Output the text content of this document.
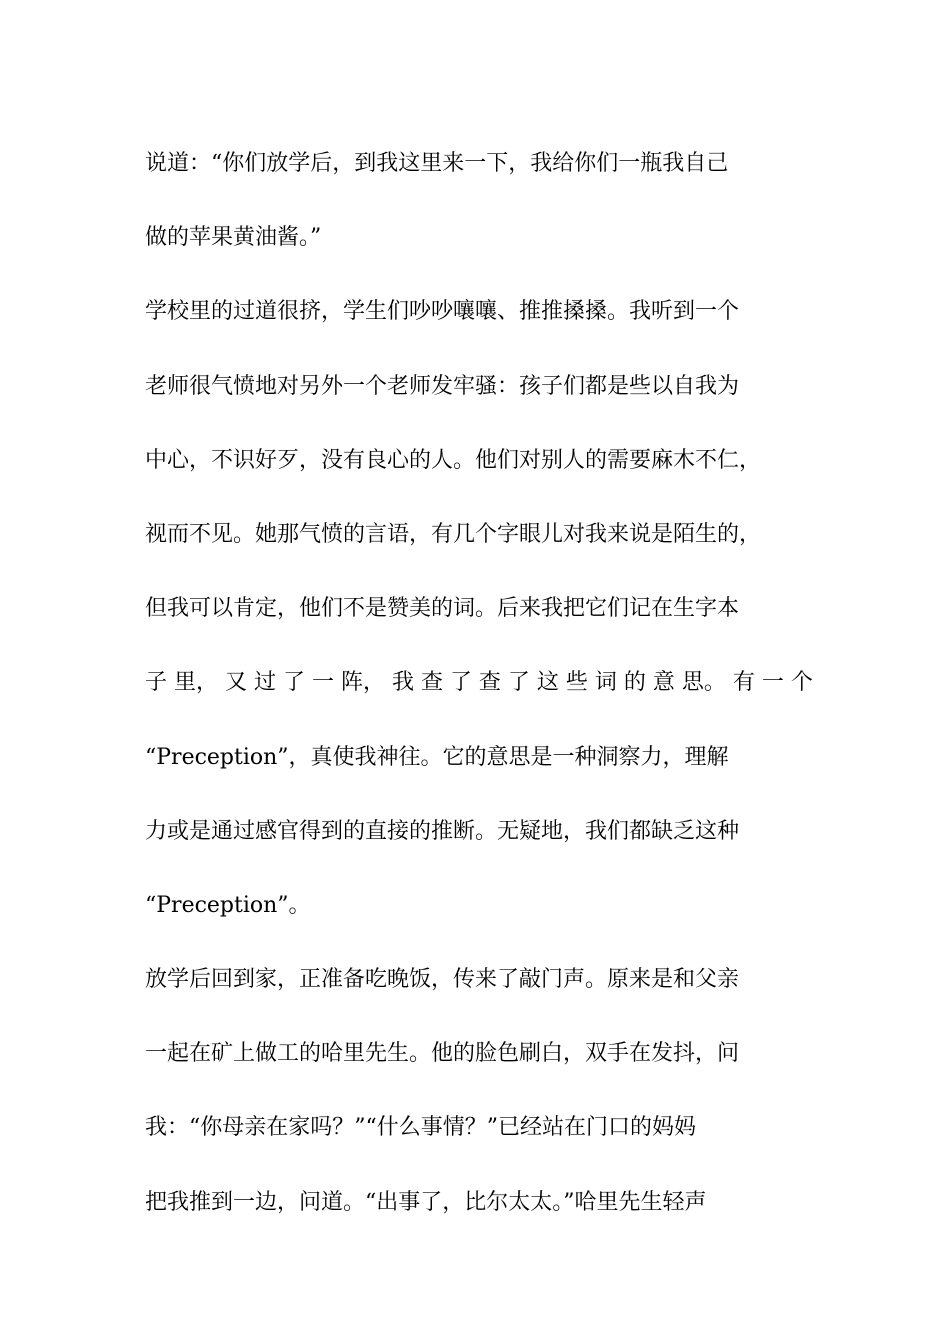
说道：“你们放学后，到我这里来一下，我给你们一瓶我自己
做的苹果黄油酱。”
学校里的过道很挤，学生们吵吵嚷嚷、推推搡搡。我听到一个
老师很气愤地对另外一个老师发牢骚：孩子们都是些以自我为
中心，不识好歹，没有良心的人。他们对别人的需要麻木不仁，
视而不见。她那气愤的言语，有几个字眼儿对我来说是陌生的，
但我可以肯定，他们不是赞美的词。后来我把它们记在生字本
子 里， 又 过 了 一 阵， 我 查 了 查 了 这 些 词 的 意 思。 有 一 个
“Preception”，真使我神往。它的意思是一种洞察力，理解
力或是通过感官得到的直接的推断。无疑地，我们都缺乏这种
“Preception”。
放学后回到家，正准备吃晚饭，传来了敲门声。原来是和父亲
一起在矿上做工的哈里先生。他的脸色刷白，双手在发抖，问
我：“你母亲在家吗？”“什么事情？”已经站在门口的妈妈
把我推到一边，问道。“出事了，比尔太太。”哈里先生轻声
